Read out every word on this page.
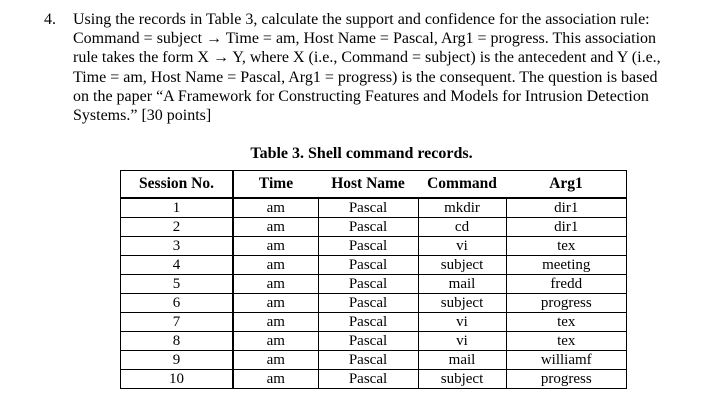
4. Using the records in Table 3, calculate the support and confidence for the association rule:
Command = subject → Time = am, Host Name = Pascal, Arg1 = progress. This association
rule takes the form X → Y, where X (i.e., Command = subject) is the antecedent and Y (i.e.,
Time = am, Host Name = Pascal, Arg1 = progress) is the consequent. The question is based
on the paper “A Framework for Constructing Features and Models for Intrusion Detection
Systems.” [30 points]
Table 3. Shell command records.
Session No.	Time	Host Name	Command	Arg1
1	am	Pascal	mkdir	dir1
2	am	Pascal	cd	dir1
3	am	Pascal	vi	tex
4	am	Pascal	subject	meeting
5	am	Pascal	mail	fredd
6	am	Pascal	subject	progress
7	am	Pascal	vi	tex
8	am	Pascal	vi	tex
9	am	Pascal	mail	williamf
10	am	Pascal	subject	progress
